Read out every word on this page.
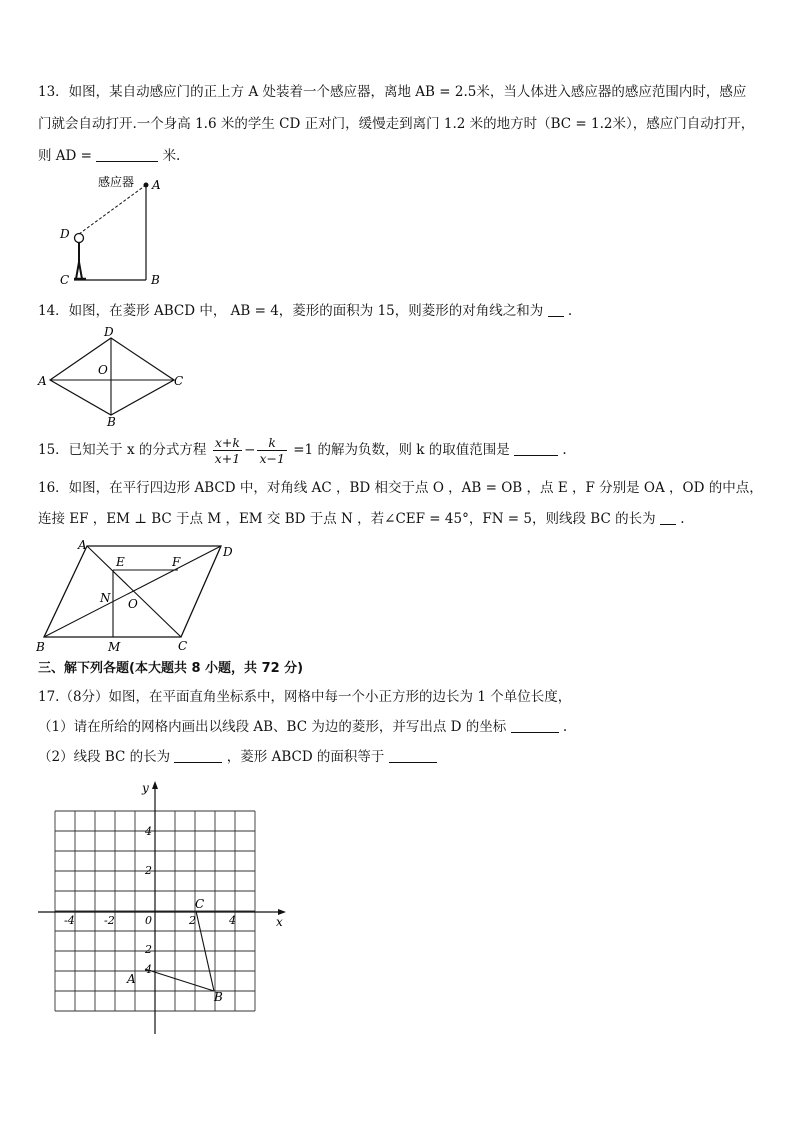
13．如图，某自动感应门的正上方 A 处装着一个感应器，离地 AB = 2.5米，当人体进入感应器的感应范围内时，感应
门就会自动打开.一个身高 1.6 米的学生 CD 正对门，缓慢走到离门 1.2 米的地方时（BC = 1.2米），感应门自动打开，
则 AD =	米.
感应器 A
D
C	B
14．如图，在菱形 ABCD 中， AB = 4，菱形的面积为 15，则菱形的对角线之和为 .
D
A	C
B
O
15．已知关于 x 的分式方程 $\frac{x+k}{x+1} - \frac{k}{x-1} =1$ 的解为负数，则 k 的取值范围是	.
16．如图，在平行四边形 ABCD 中，对角线 AC ，BD 相交于点 O ，AB = OB ，点 E ，F 分别是 OA ，OD 的中点，
连接 EF ，EM ⊥ BC 于点 M ，EM 交 BD 于点 N ，若∠CEF = 45°，FN = 5，则线段 BC 的长为 .
A	D
B	C
M
E	F
N O
三、解下列各题(本大题共 8 小题，共 72 分)
17.（8分）如图，在平面直角坐标系中，网格中每一个小正方形的边长为 1 个单位长度，
（1）请在所给的网格内画出以线段 AB、BC 为边的菱形，并写出点 D 的坐标	.
（2）线段 BC 的长为	，菱形 ABCD 的面积等于
x
y
-4	-2	0	2	4
4
2
2
4
A
B
C
